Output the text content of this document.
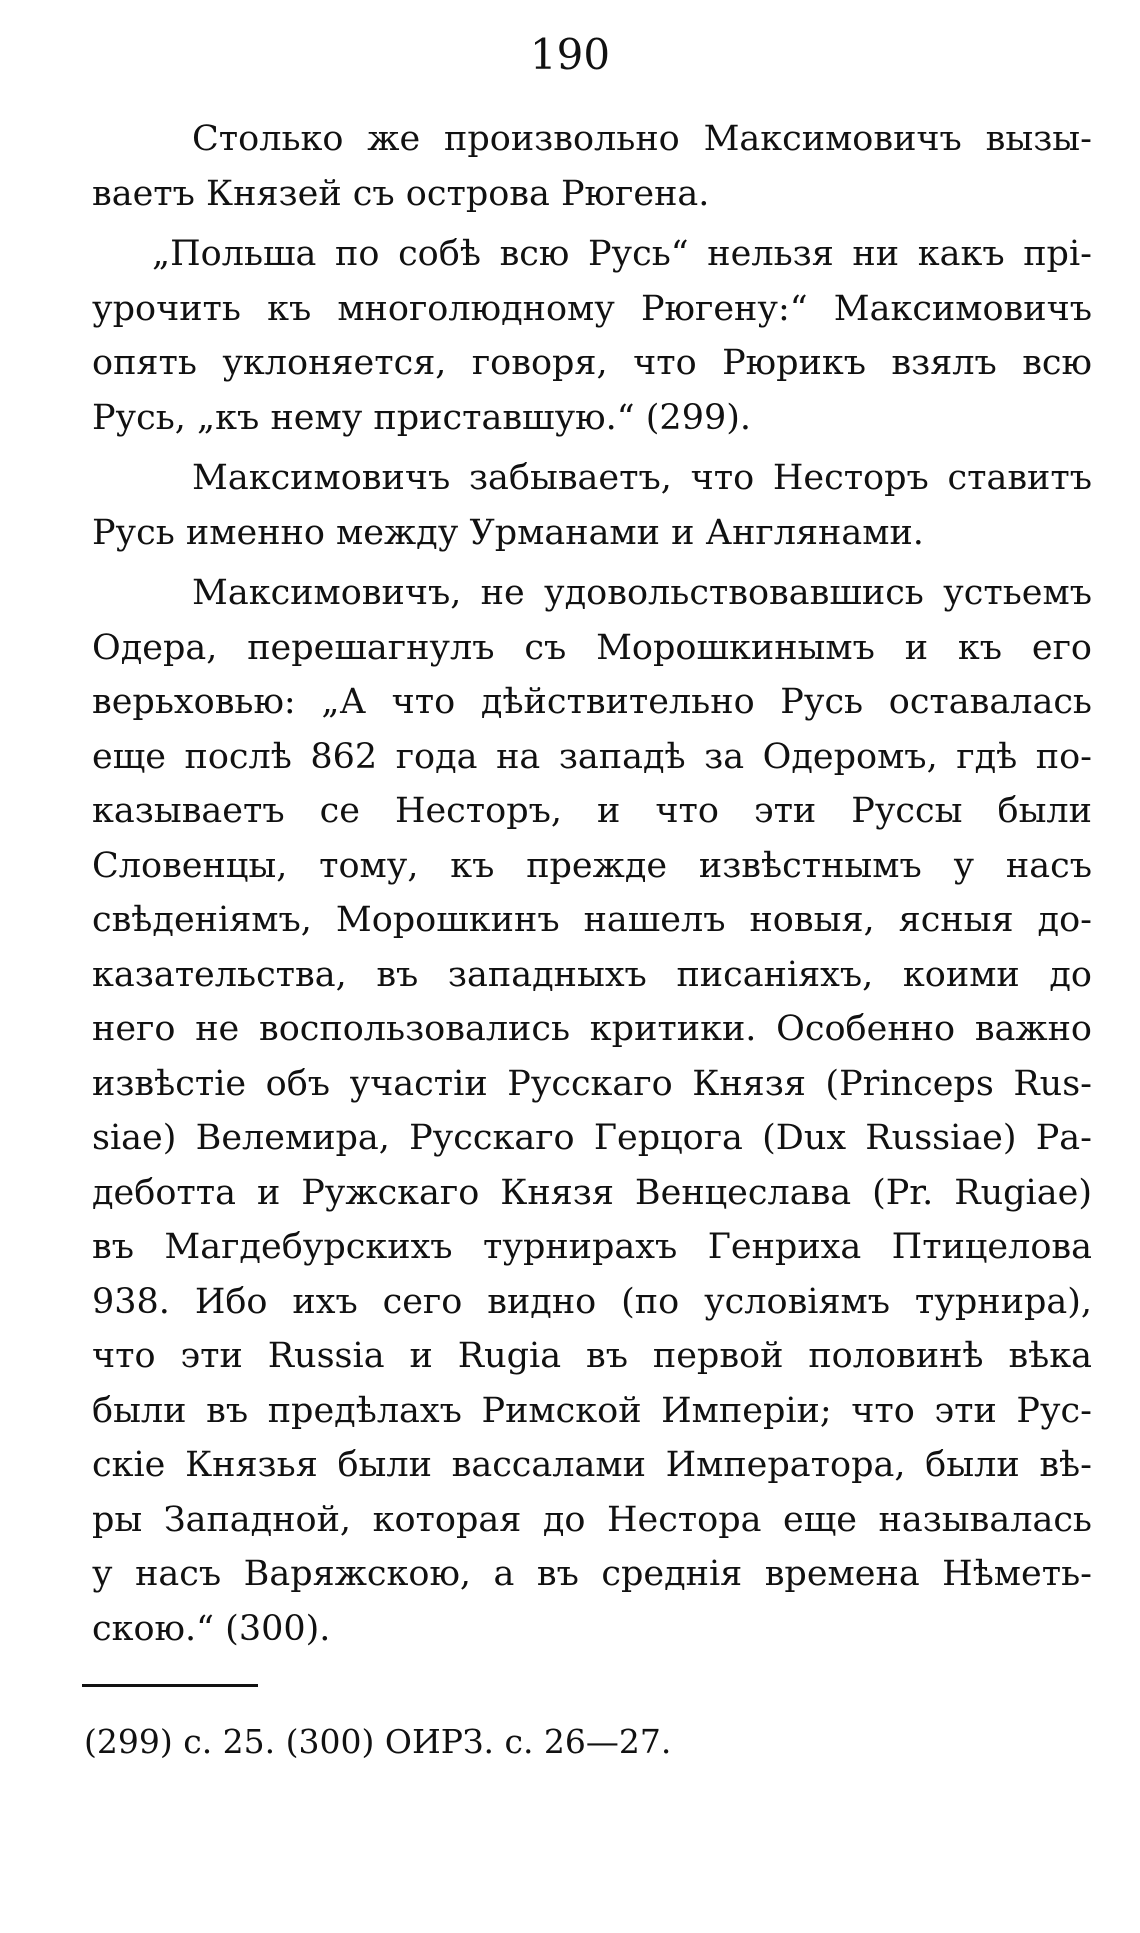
190
Столько же произвольно Максимовичъ вызы-
ваетъ Князей съ острова Рюгена.
„Польша по собѣ всю Русь“ нельзя ни какъ прі-
урочить къ многолюдному Рюгену:“ Максимовичъ
опять уклоняется, говоря, что Рюрикъ взялъ всю
Русь, „къ нему приставшую.“ (299).
Максимовичъ забываетъ, что Несторъ ставитъ
Русь именно между Урманами и Англянами.
Максимовичъ, не удовольствовавшись устьемъ
Одера, перешагнулъ съ Морошкинымъ и къ его
верьховью: „А что дѣйствительно Русь оставалась
еще послѣ 862 года на западѣ за Одеромъ, гдѣ по-
казываетъ се Несторъ, и что эти Руссы были
Словенцы, тому, къ прежде извѣстнымъ у насъ
свѣденіямъ, Морошкинъ нашелъ новыя, ясныя до-
казательства, въ западныхъ писаніяхъ, коими до
него не воспользовались критики. Особенно важно
извѣстіе объ участіи Русскаго Князя (Princeps Rus-
siae) Велемира, Русскаго Герцога (Dux Russiae) Ра-
деботта и Ружскаго Князя Венцеслава (Pr. Rugiae)
въ Магдебурскихъ турнирахъ Генриха Птицелова
938. Ибо ихъ сего видно (по условіямъ турнира),
что эти Russia и Rugia въ первой половинѣ вѣка
были въ предѣлахъ Римской Имперіи; что эти Рус-
скіе Князья были вассалами Императора, были вѣ-
ры Западной, которая до Нестора еще называлась
у насъ Варяжскою, а въ среднія времена Нѣметь-
скою.“ (300).
(299) с. 25. (300) ОИРЗ. с. 26—27.
